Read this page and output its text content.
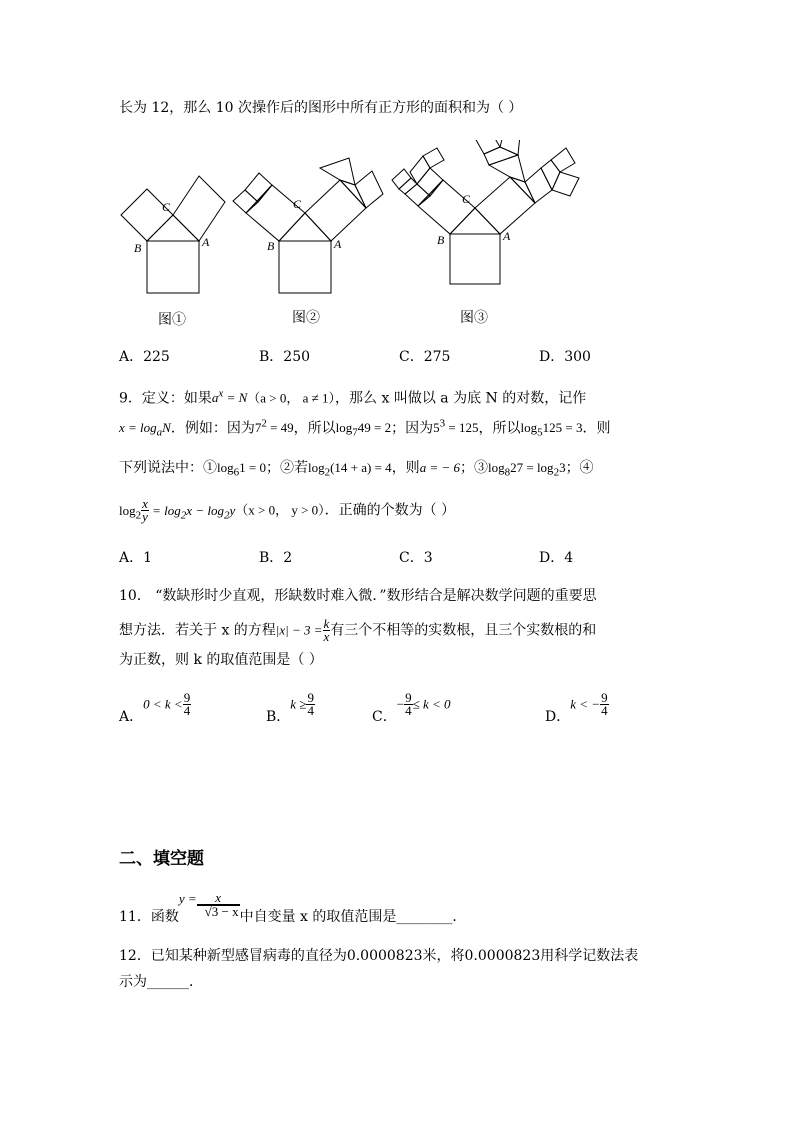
长为 12，那么 10 次操作后的图形中所有正方形的面积和为（ ）
C
B	A
C
B	A
C
B	A
图①	图②	图③
A．225	B．250	C．275	D．300
9．定义：如果$a^x = N(a > 0$， a ≠ 1），那么 x 叫做以 a 为底 N 的对数，记作
$x = \log_aN$．例如：因为$7^2 = 49$，所以$\log_749 = 2$；因为$5^3 = 125$，所以$\log_5125 = 3$．则
下列说法中：$①\log_61 = 0$；②若$\log_2(14 + a) = 4$，则a = − 6；$③\log_827 = \log_23$；④
$\log_2 \frac{x}{y} = \log_2x - \log_2y(x > 0$， y > 0）．正确的个数为（ ）
A．1	B．2	C．3	D．4
10． “数缺形时少直观，形缺数时难入微．”数形结合是解决数学问题的重要思
想方法．若关于 x 的方程$|x| - 3 = \frac{k}{x}$ 有三个不相等的实数根，且三个实数根的和
为正数，则 k 的取值范围是（ ）
A．$0 < k < \frac{9}{4}$	B．$k \ge \frac{9}{4}$	C．− $\frac{9}{4} \le k < 0$
D．k < − $\frac{9}{4}$
二、填空题
11．函数$y = \frac{x}{√3 - x}$ 中自变量 x 的取值范围是________．
12．已知某种新型感冒病毒的直径为0.0000823米，将0.0000823用科学记数法表
示为______．
